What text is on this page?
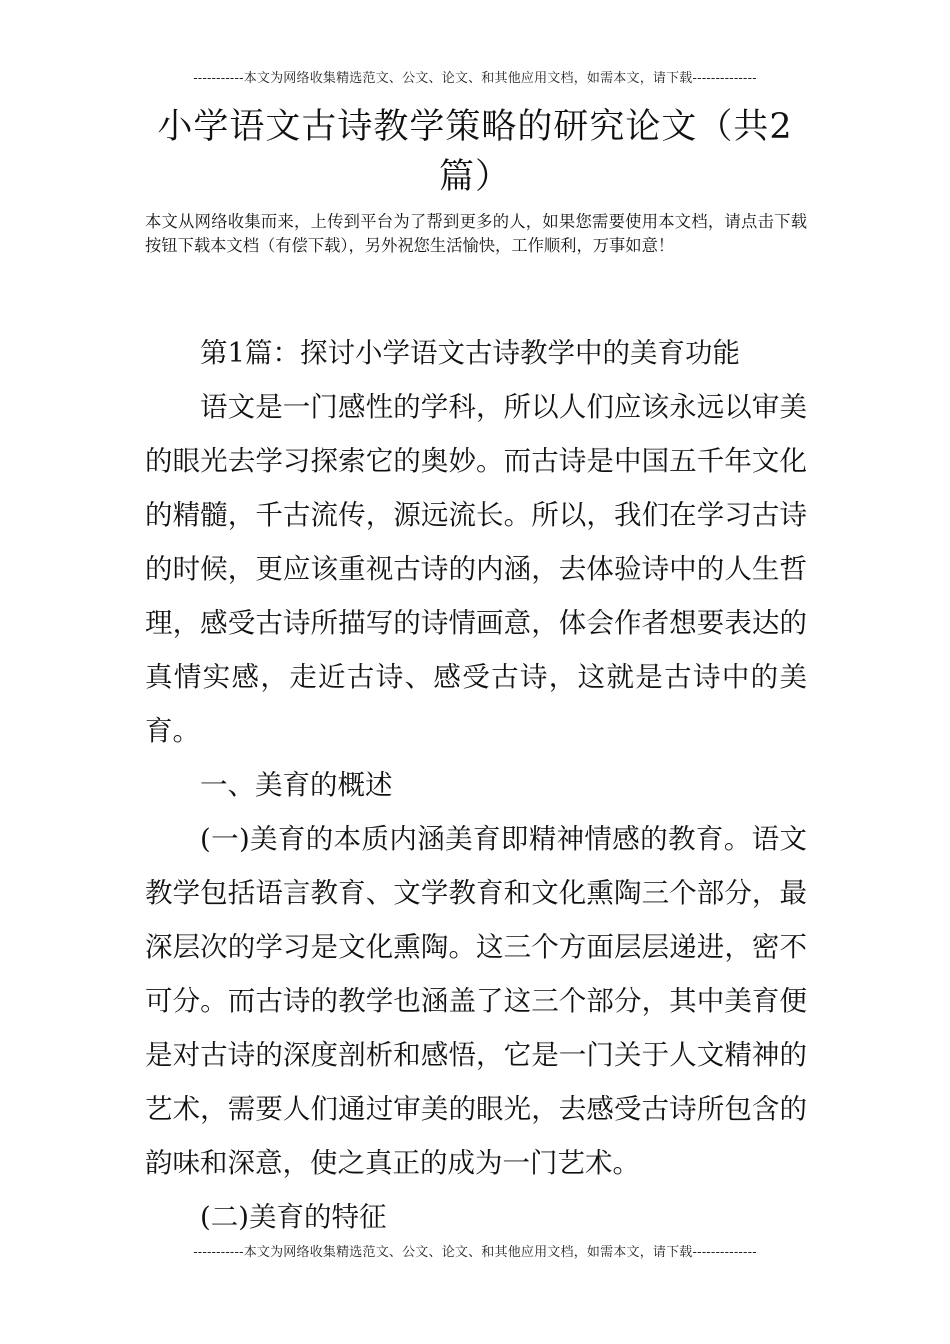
-----------本文为网络收集精选范文、公文、论文、和其他应用文档，如需本文，请下载--------------
小学语文古诗教学策略的研究论文（共2篇）

本文从网络收集而来，上传到平台为了帮到更多的人，如果您需要使用本文档，请点击下载按钮下载本文档（有偿下载），另外祝您生活愉快，工作顺利，万事如意！

第1篇：探讨小学语文古诗教学中的美育功能

语文是一门感性的学科，所以人们应该永远以审美的眼光去学习探索它的奥妙。而古诗是中国五千年文化的精髓，千古流传，源远流长。所以，我们在学习古诗的时候，更应该重视古诗的内涵，去体验诗中的人生哲理，感受古诗所描写的诗情画意，体会作者想要表达的真情实感，走近古诗、感受古诗，这就是古诗中的美育。

一、美育的概述

(一)美育的本质内涵美育即精神情感的教育。语文教学包括语言教育、文学教育和文化熏陶三个部分，最深层次的学习是文化熏陶。这三个方面层层递进，密不可分。而古诗的教学也涵盖了这三个部分，其中美育便是对古诗的深度剖析和感悟，它是一门关于人文精神的艺术，需要人们通过审美的眼光，去感受古诗所包含的韵味和深意，使之真正的成为一门艺术。

(二)美育的特征

-----------本文为网络收集精选范文、公文、论文、和其他应用文档，如需本文，请下载--------------
